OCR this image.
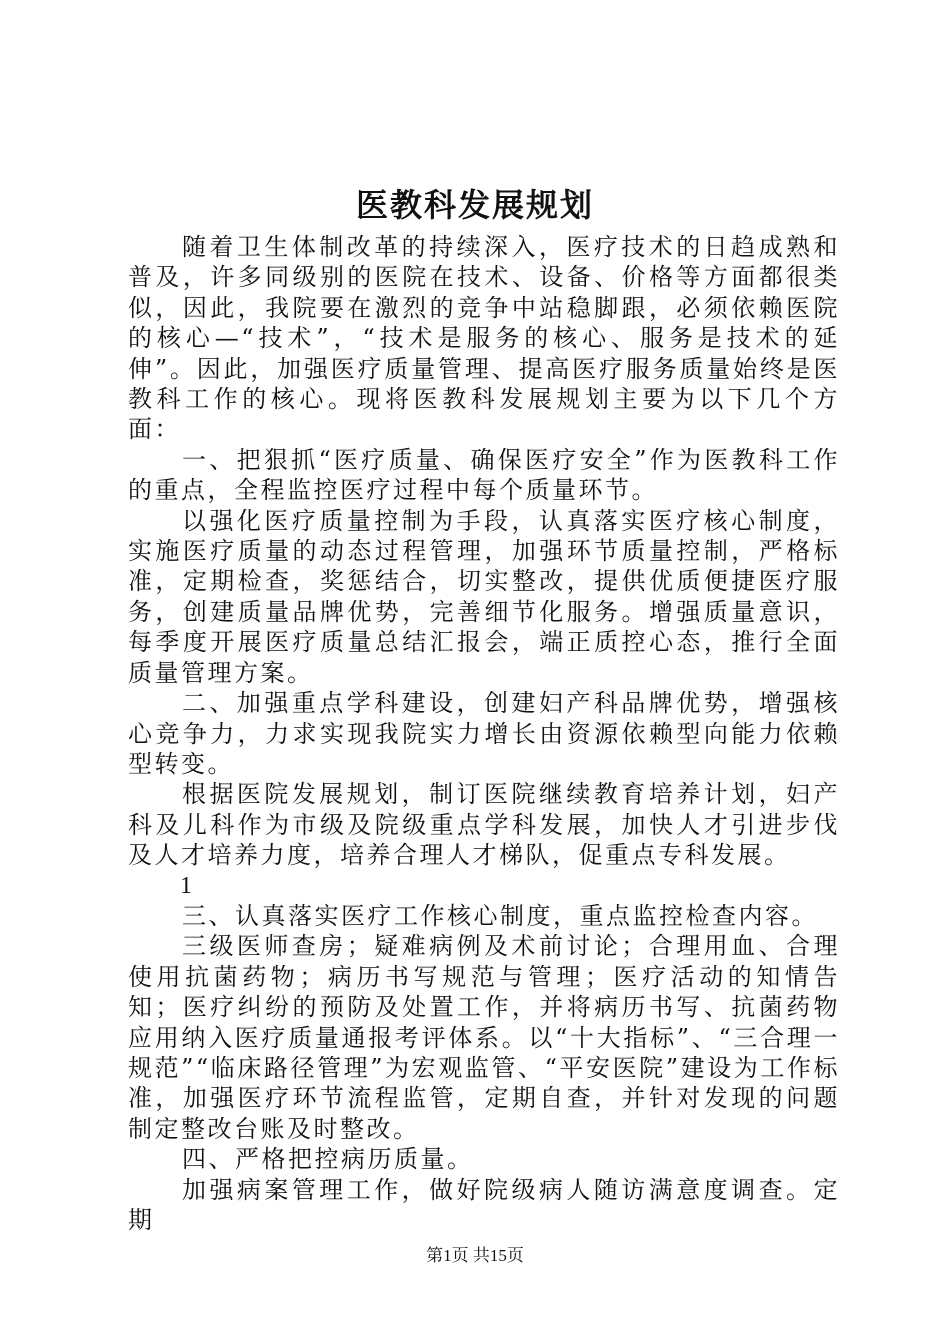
医教科发展规划

随着卫生体制改革的持续深入，医疗技术的日趋成熟和普及，许多同级别的医院在技术、设备、价格等方面都很类似，因此，我院要在激烈的竞争中站稳脚跟，必须依赖医院的核心—“技术”，“技术是服务的核心、服务是技术的延伸”。因此，加强医疗质量管理、提高医疗服务质量始终是医教科工作的核心。现将医教科发展规划主要为以下几个方面：

一、把狠抓“医疗质量、确保医疗安全”作为医教科工作的重点，全程监控医疗过程中每个质量环节。

以强化医疗质量控制为手段，认真落实医疗核心制度，实施医疗质量的动态过程管理，加强环节质量控制，严格标准，定期检查，奖惩结合，切实整改，提供优质便捷医疗服务，创建质量品牌优势，完善细节化服务。增强质量意识，每季度开展医疗质量总结汇报会，端正质控心态，推行全面质量管理方案。

二、加强重点学科建设，创建妇产科品牌优势，增强核心竞争力，力求实现我院实力增长由资源依赖型向能力依赖型转变。

根据医院发展规划，制订医院继续教育培养计划，妇产科及儿科作为市级及院级重点学科发展，加快人才引进步伐及人才培养力度，培养合理人才梯队，促重点专科发展。

1

三、认真落实医疗工作核心制度，重点监控检查内容。

三级医师查房；疑难病例及术前讨论；合理用血、合理使用抗菌药物；病历书写规范与管理；医疗活动的知情告知；医疗纠纷的预防及处置工作，并将病历书写、抗菌药物应用纳入医疗质量通报考评体系。以“十大指标”、“三合理一规范”“临床路径管理”为宏观监管、“平安医院”建设为工作标准，加强医疗环节流程监管，定期自查，并针对发现的问题制定整改台账及时整改。

四、严格把控病历质量。

加强病案管理工作，做好院级病人随访满意度调查。定期

第1页 共15页
